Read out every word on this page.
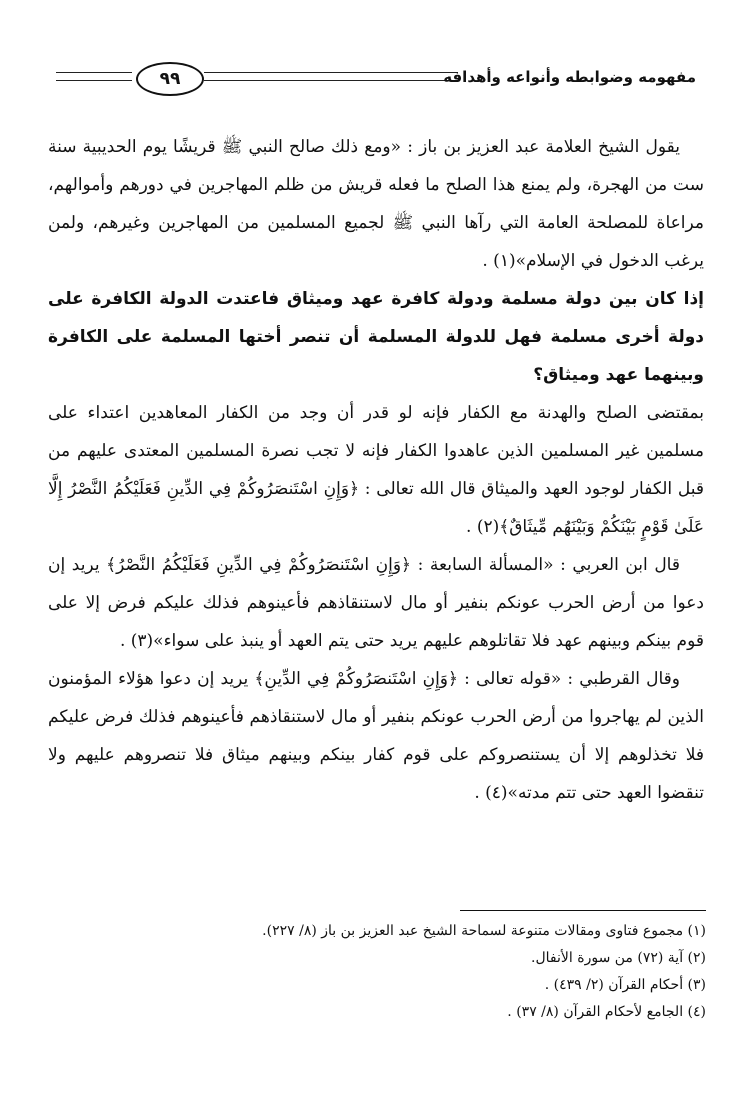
٩٩	مفهومه وضوابطه وأنواعه وأهدافه

يقول الشيخ العلامة عبد العزيز بن باز : «ومع ذلك صالح النبي ﷺ قريشًا يوم الحديبية سنة ست من الهجرة، ولم يمنع هذا الصلح ما فعله قريش من ظلم المهاجرين في دورهم وأموالهم، مراعاة للمصلحة العامة التي رآها النبي ﷺ لجميع المسلمين من المهاجرين وغيرهم، ولمن يرغب الدخول في الإسلام»(١) .

إذا كان بين دولة مسلمة ودولة كافرة عهد وميثاق فاعتدت الدولة الكافرة على دولة أخرى مسلمة فهل للدولة المسلمة أن تنصر أختها المسلمة على الكافرة وبينهما عهد وميثاق؟

بمقتضى الصلح والهدنة مع الكفار فإنه لو قدر أن وجد من الكفار المعاهدين اعتداء على مسلمين غير المسلمين الذين عاهدوا الكفار فإنه لا تجب نصرة المسلمين المعتدى عليهم من قبل الكفار لوجود العهد والميثاق قال الله تعالى : ﴿وَإِنِ اسْتَنصَرُوكُمْ فِي الدِّينِ فَعَلَيْكُمُ النَّصْرُ إِلَّا عَلَىٰ قَوْمٍ بَيْنَكُمْ وَبَيْنَهُم مِّيثَاقٌ﴾(٢) .

قال ابن العربي : «المسألة السابعة : ﴿وَإِنِ اسْتَنصَرُوكُمْ فِي الدِّينِ فَعَلَيْكُمُ النَّصْرُ﴾ يريد إن دعوا من أرض الحرب عونكم بنفير أو مال لاستنقاذهم فأعينوهم فذلك عليكم فرض إلا على قوم بينكم وبينهم عهد فلا تقاتلوهم عليهم يريد حتى يتم العهد أو ينبذ على سواء»(٣) .

وقال القرطبي : «قوله تعالى : ﴿وَإِنِ اسْتَنصَرُوكُمْ فِي الدِّينِ﴾ يريد إن دعوا هؤلاء المؤمنون الذين لم يهاجروا من أرض الحرب عونكم بنفير أو مال لاستنقاذهم فأعينوهم فذلك فرض عليكم فلا تخذلوهم إلا أن يستنصروكم على قوم كفار بينكم وبينهم ميثاق فلا تنصروهم عليهم ولا تنقضوا العهد حتى تتم مدته»(٤) .

(١) مجموع فتاوى ومقالات متنوعة لسماحة الشيخ عبد العزيز بن باز (٨/ ٢٢٧).

(٢) آية (٧٢) من سورة الأنفال.

(٣) أحكام القرآن (٢/ ٤٣٩) .

(٤) الجامع لأحكام القرآن (٨/ ٣٧) .
